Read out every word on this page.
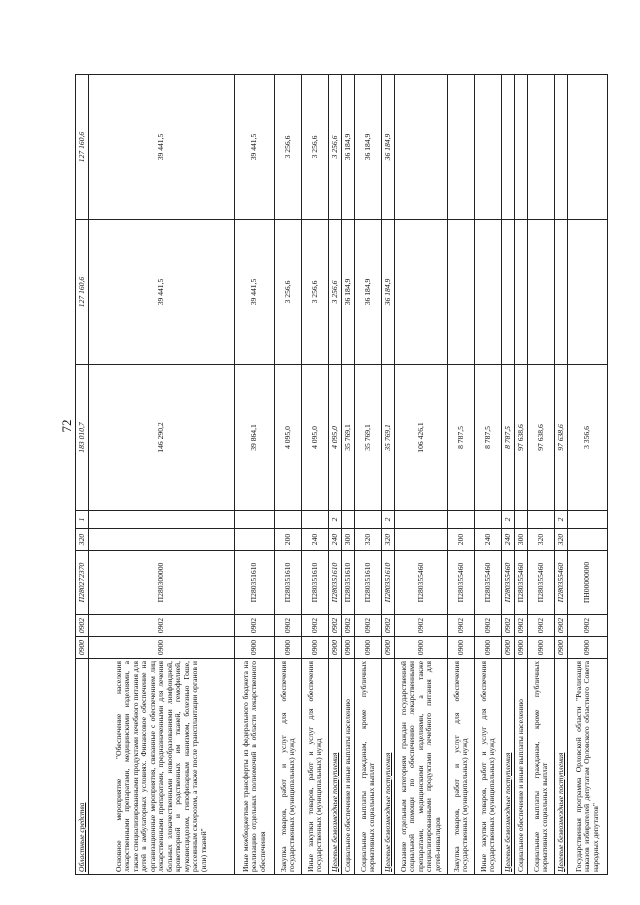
72
Областные средства	0900	0902	П280272370	320	1	183 010,7	127 160,6	127 160,6
Основное мероприятие "Обеспечение населения лекарственными препаратами, медицинскими изделиями, а также специализированными продуктами лечебного питания для детей в амбулаторных условиях. Финансовое обеспечение на организационные мероприятия, связанные с обеспечением лиц лекарственными препаратами, предназначенными для лечения больных злокачественными новообразованиями лимфоидной, кроветворной и родственных им тканей, гемофилией, муковисцидозом, гипофизарным нанизмом, болезнью Гоше, рассеянным склерозом, а также после трансплантации органов и (или) тканей"	0900	0902	П280300000			146 290,2	39 441,5	39 441,5
Иные межбюджетные трансферты из федерального бюджета на реализацию отдельных полномочий в области лекарственного обеспечения	0900	0902	П280351610			39 864,1	39 441,5	39 441,5
Закупка товаров, работ и услуг для обеспечения государственных (муниципальных) нужд	0900	0902	П280351610	200		4 095,0	3 256,6	3 256,6
Иные закупки товаров, работ и услуг для обеспечения государственных (муниципальных) нужд	0900	0902	П280351610	240		4 095,0	3 256,6	3 256,6
Целевые безвозмездные поступления	0900	0902	П280351610	240	2	4 095,0	3 256,6	3 256,6
Социальное обеспечение и иные выплаты населению	0900	0902	П280351610	300		35 769,1	36 184,9	36 184,9
Социальные выплаты гражданам, кроме публичных нормативных социальных выплат	0900	0902	П280351610	320		35 769,1	36 184,9	36 184,9
Целевые безвозмездные поступления	0900	0902	П280351610	320	2	35 769,1	36 184,9	36 184,9
Оказание отдельным категориям граждан государственной социальной помощи по обеспечению лекарственными препаратами, медицинскими изделиями, а также специализированными продуктами лечебного питания для детей-инвалидов	0900	0902	П280355460			106 426,1		
Закупка товаров, работ и услуг для обеспечения государственных (муниципальных) нужд	0900	0902	П280355460	200		8 787,5		
Иные закупки товаров, работ и услуг для обеспечения государственных (муниципальных) нужд	0900	0902	П280355460	240		8 787,5		
Целевые безвозмездные поступления	0900	0902	П280355460	240	2	8 787,5		
Социальное обеспечение и иные выплаты населению	0900	0902	П280355460	300		97 638,6		
Социальные выплаты гражданам, кроме публичных нормативных социальных выплат	0900	0902	П280355460	320		97 638,6		
Целевые безвозмездные поступления	0900	0902	П280355460	320	2	97 638,6		
Государственная программа Орловской области "Реализация наказов избирателей депутатам Орловского областного Совета народных депутатов"	0900	0902	ПН00000000			3 356,6		
